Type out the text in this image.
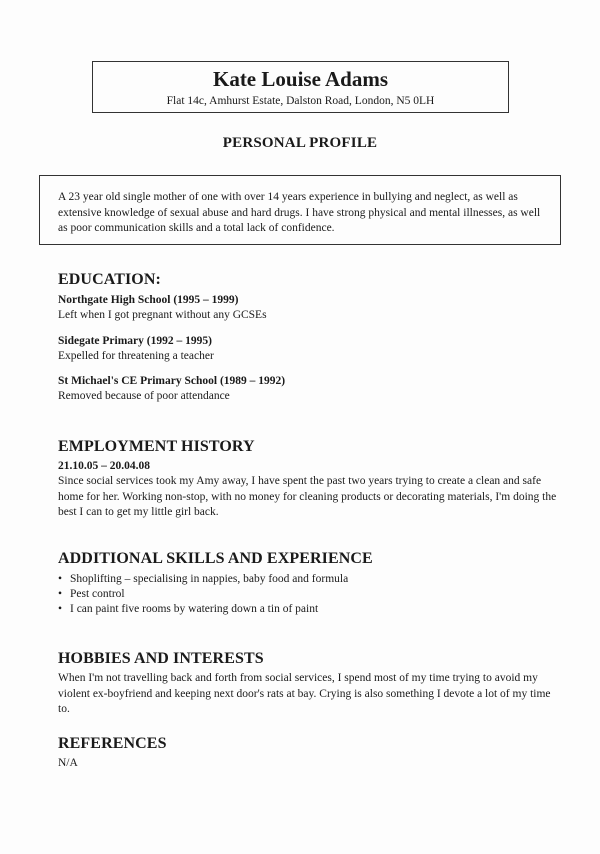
Kate Louise Adams
Flat 14c, Amhurst Estate, Dalston Road, London, N5 0LH
PERSONAL PROFILE
A 23 year old single mother of one with over 14 years experience in bullying and neglect, as well as extensive knowledge of sexual abuse and hard drugs. I have strong physical and mental illnesses, as well as poor communication skills and a total lack of confidence.
EDUCATION:
Northgate High School (1995 – 1999)
Left when I got pregnant without any GCSEs
Sidegate Primary (1992 – 1995)
Expelled for threatening a teacher
St Michael's CE Primary School (1989 – 1992)
Removed because of poor attendance
EMPLOYMENT HISTORY
21.10.05 – 20.04.08
Since social services took my Amy away, I have spent the past two years trying to create a clean and safe home for her. Working non-stop, with no money for cleaning products or decorating materials, I'm doing the best I can to get my little girl back.
ADDITIONAL SKILLS AND EXPERIENCE
• Shoplifting – specialising in nappies, baby food and formula
• Pest control
• I can paint five rooms by watering down a tin of paint
HOBBIES AND INTERESTS
When I'm not travelling back and forth from social services, I spend most of my time trying to avoid my violent ex-boyfriend and keeping next door's rats at bay. Crying is also something I devote a lot of my time to.
REFERENCES
N/A
